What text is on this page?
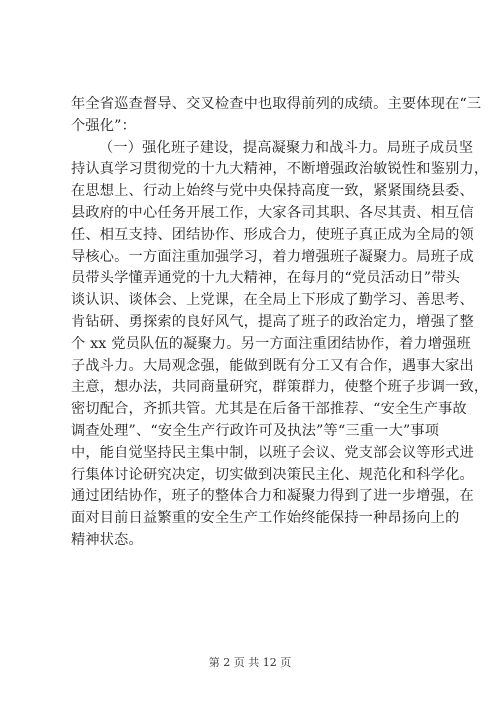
年全省巡查督导、交叉检查中也取得前列的成绩。主要体现在“三
个强化”：
（一）强化班子建设，提高凝聚力和战斗力。局班子成员坚
持认真学习贯彻党的十九大精神，不断增强政治敏锐性和鉴别力，
在思想上、行动上始终与党中央保持高度一致，紧紧围绕县委、
县政府的中心任务开展工作，大家各司其职、各尽其责、相互信
任、相互支持、团结协作、形成合力，使班子真正成为全局的领
导核心。一方面注重加强学习，着力增强班子凝聚力。局班子成
员带头学懂弄通党的十九大精神，在每月的“党员活动日”带头
谈认识、谈体会、上党课，在全局上下形成了勤学习、善思考、
肯钻研、勇探索的良好风气，提高了班子的政治定力，增强了整
个 xx 党员队伍的凝聚力。另一方面注重团结协作，着力增强班
子战斗力。大局观念强，能做到既有分工又有合作，遇事大家出
主意，想办法，共同商量研究，群策群力，使整个班子步调一致，
密切配合，齐抓共管。尤其是在后备干部推荐、“安全生产事故
调查处理”、“安全生产行政许可及执法”等“三重一大”事项
中，能自觉坚持民主集中制，以班子会议、党支部会议等形式进
行集体讨论研究决定，切实做到决策民主化、规范化和科学化。
通过团结协作，班子的整体合力和凝聚力得到了进一步增强，在
面对目前日益繁重的安全生产工作始终能保持一种昂扬向上的
精神状态。
第 2 页 共 12 页
